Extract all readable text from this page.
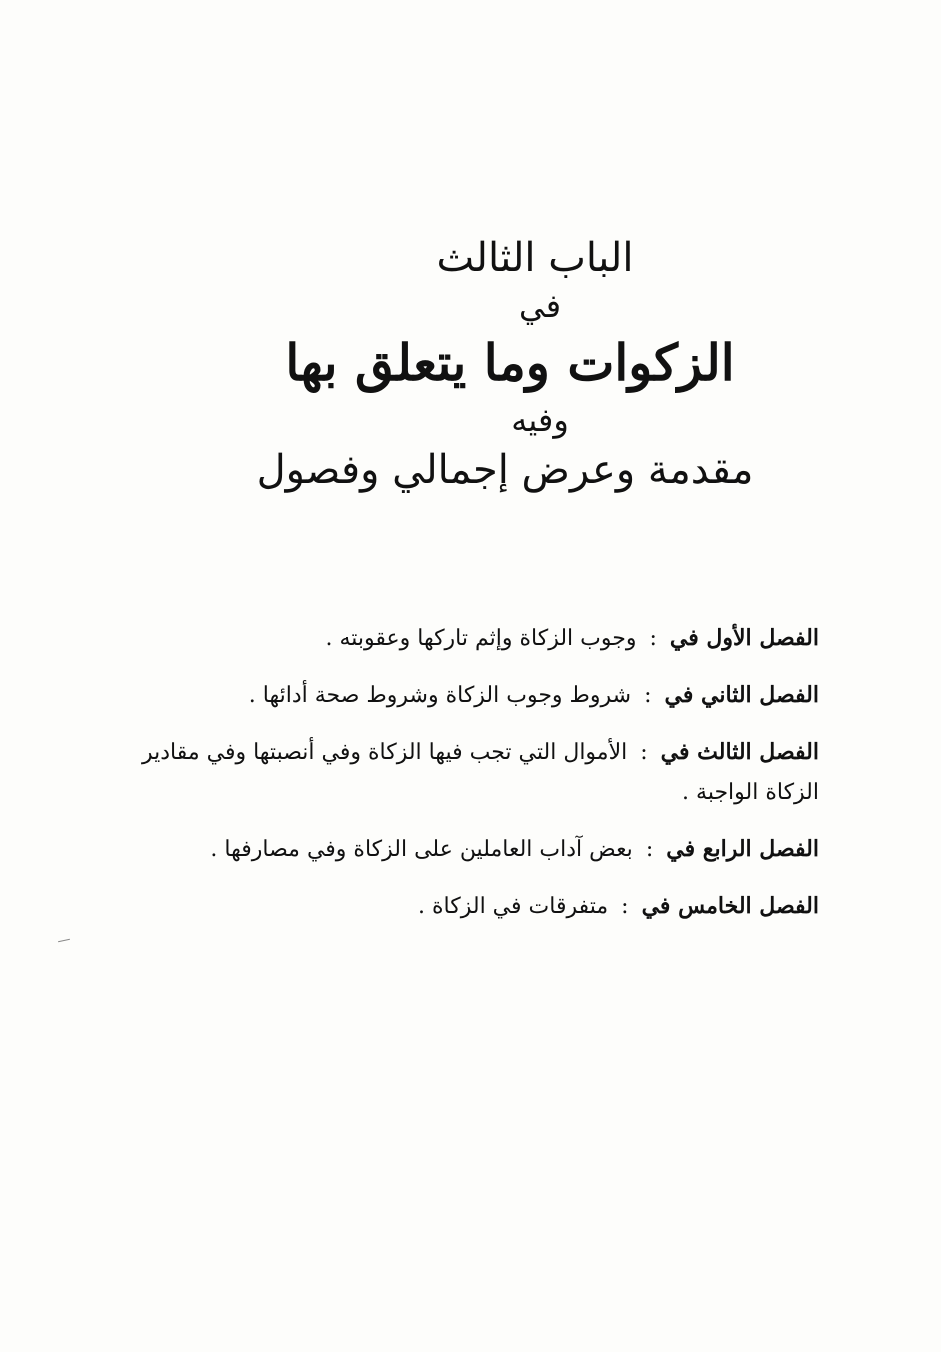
الباب الثالث
في
الزكوات وما يتعلق بها
وفيه
مقدمة وعرض إجمالي وفصول
الفصل الأول في : وجوب الزكاة وإثم تاركها وعقوبته .
الفصل الثاني في : شروط وجوب الزكاة وشروط صحة أدائها .
الفصل الثالث في : الأموال التي تجب فيها الزكاة وفي أنصبتها وفي مقادير الزكاة الواجبة .
الفصل الرابع في : بعض آداب العاملين على الزكاة وفي مصارفها .
الفصل الخامس في : متفرقات في الزكاة .
